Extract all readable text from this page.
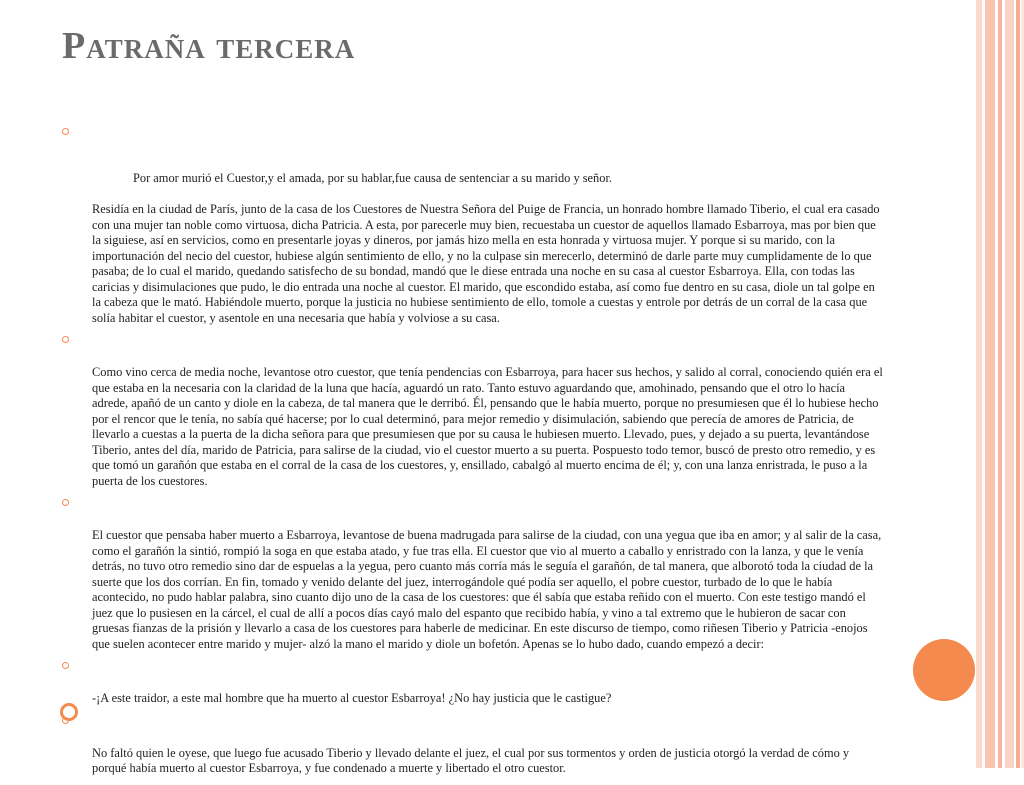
Patraña tercera

Por amor murió el Cuestor,y el amada, por su hablar,fue causa de sentenciar a su marido y señor.

Residía en la ciudad de París, junto de la casa de los Cuestores de Nuestra Señora del Puige de Francia, un honrado hombre llamado Tiberio, el cual era casado con una mujer tan noble como virtuosa, dicha Patricia. A esta, por parecerle muy bien, recuestaba un cuestor de aquellos llamado Esbarroya, mas por bien que la siguiese, así en servicios, como en presentarle joyas y dineros, por jamás hizo mella en esta honrada y virtuosa mujer. Y porque si su marido, con la importunación del necio del cuestor, hubiese algún sentimiento de ello, y no la culpase sin merecerlo, determinó de darle parte muy cumplidamente de lo que pasaba; de lo cual el marido, quedando satisfecho de su bondad, mandó que le diese entrada una noche en su casa al cuestor Esbarroya. Ella, con todas las caricias y disimulaciones que pudo, le dio entrada una noche al cuestor. El marido, que escondido estaba, así como fue dentro en su casa, diole un tal golpe en la cabeza que le mató. Habiéndole muerto, porque la justicia no hubiese sentimiento de ello, tomole a cuestas y entrole por detrás de un corral de la casa que solía habitar el cuestor, y asentole en una necesaria que había y volviose a su casa.

Como vino cerca de media noche, levantose otro cuestor, que tenía pendencias con Esbarroya, para hacer sus hechos, y salido al corral, conociendo quién era el que estaba en la necesaria con la claridad de la luna que hacía, aguardó un rato. Tanto estuvo aguardando que, amohinado, pensando que el otro lo hacía adrede, apañó de un canto y diole en la cabeza, de tal manera que le derribó. Él, pensando que le había muerto, porque no presumiesen que él lo hubiese hecho por el rencor que le tenía, no sabía qué hacerse; por lo cual determinó, para mejor remedio y disimulación, sabiendo que perecía de amores de Patricia, de llevarlo a cuestas a la puerta de la dicha señora para que presumiesen que por su causa le hubiesen muerto. Llevado, pues, y dejado a su puerta, levantándose Tiberio, antes del día, marido de Patricia, para salirse de la ciudad, vio el cuestor muerto a su puerta. Pospuesto todo temor, buscó de presto otro remedio, y es que tomó un garañón que estaba en el corral de la casa de los cuestores, y, ensillado, cabalgó al muerto encima de él; y, con una lanza enristrada, le puso a la puerta de los cuestores.

El cuestor que pensaba haber muerto a Esbarroya, levantose de buena madrugada para salirse de la ciudad, con una yegua que iba en amor; y al salir de la casa, como el garañón la sintió, rompió la soga en que estaba atado, y fue tras ella. El cuestor que vio al muerto a caballo y enristrado con la lanza, y que le venía detrás, no tuvo otro remedio sino dar de espuelas a la yegua, pero cuanto más corría más le seguía el garañón, de tal manera, que alborotó toda la ciudad de la suerte que los dos corrían. En fin, tomado y venido delante del juez, interrogándole qué podía ser aquello, el pobre cuestor, turbado de lo que le había acontecido, no pudo hablar palabra, sino cuanto dijo uno de la casa de los cuestores: que él sabía que estaba reñido con el muerto. Con este testigo mandó el juez que lo pusiesen en la cárcel, el cual de allí a pocos días cayó malo del espanto que recibido había, y vino a tal extremo que le hubieron de sacar con gruesas fianzas de la prisión y llevarlo a casa de los cuestores para haberle de medicinar. En este discurso de tiempo, como riñesen Tiberio y Patricia -enojos que suelen acontecer entre marido y mujer- alzó la mano el marido y diole un bofetón. Apenas se lo hubo dado, cuando empezó a decir:

-¡A este traidor, a este mal hombre que ha muerto al cuestor Esbarroya! ¿No hay justicia que le castigue?

No faltó quien le oyese, que luego fue acusado Tiberio y llevado delante el juez, el cual por sus tormentos y orden de justicia otorgó la verdad de cómo y porqué había muerto al cuestor Esbarroya, y fue condenado a muerte y libertado el otro cuestor.
